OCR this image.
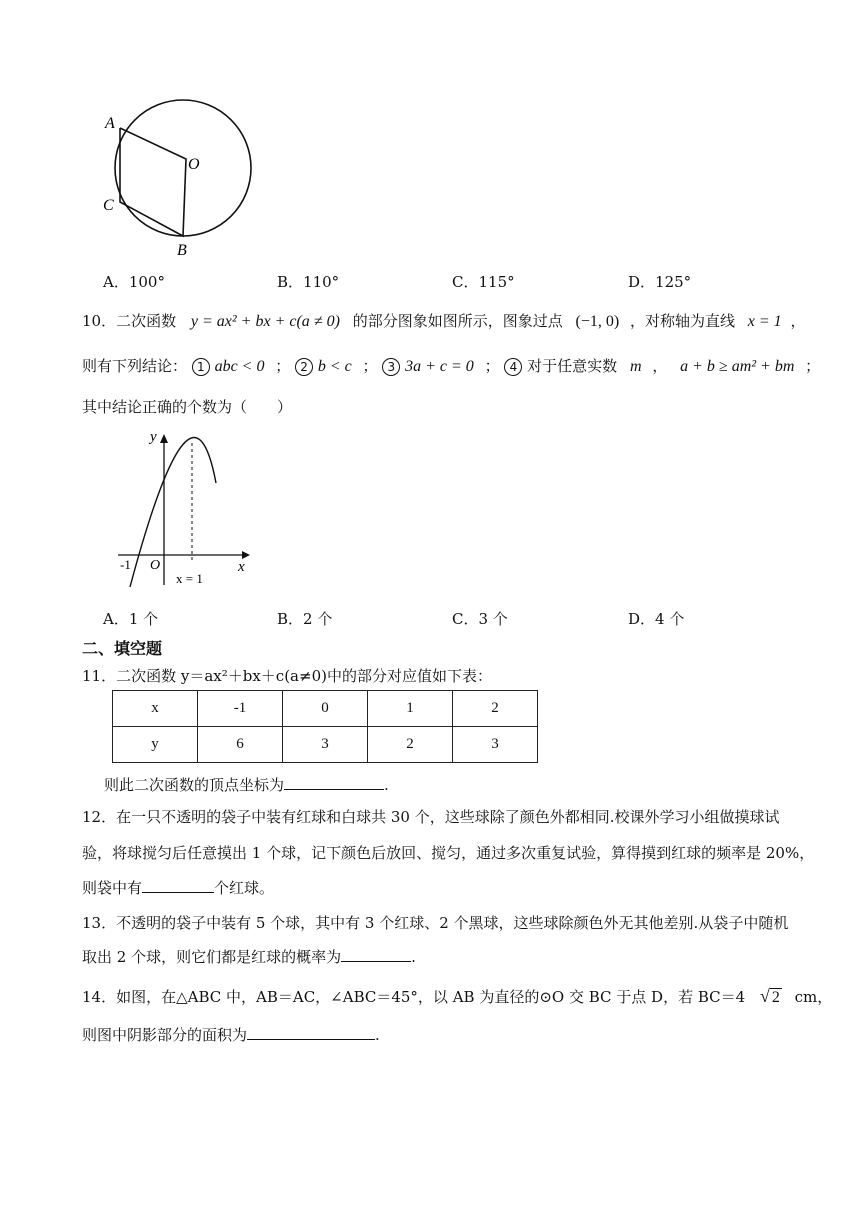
A
O
C
B
A．100°	B．110°	C．115°	D．125°
10．二次函数 y = ax² + bx + c(a ≠ 0) 的部分图象如图所示，图象过点 (−1, 0) ，对称轴为直线 x = 1 ，
则有下列结论： 1 abc < 0 ； 2 b < c ； 3 3a + c = 0 ； 4 对于任意实数 m ， a + b ≥ am² + bm ；
其中结论正确的个数为（　　）
y
x
-1 O
x = 1
A．1 个	B．2 个	C．3 个	D．4 个
二、填空题
11．二次函数 y＝ax²＋bx＋c(a≠0)中的部分对应值如下表：
x	-1	0	1	2
y	6	3	2	3
则此二次函数的顶点坐标为	.
12．在一只不透明的袋子中装有红球和白球共 30 个，这些球除了颜色外都相同.校课外学习小组做摸球试
验，将球搅匀后任意摸出 1 个球，记下颜色后放回、搅匀，通过多次重复试验，算得摸到红球的频率是 20%，
则袋中有	个红球。
13．不透明的袋子中装有 5 个球，其中有 3 个红球、2 个黑球，这些球除颜色外无其他差别.从袋子中随机
取出 2 个球，则它们都是红球的概率为	.
14．如图，在△ABC 中，AB＝AC，∠ABC＝45°，以 AB 为直径的⊙O 交 BC 于点 D，若 BC＝4 √ 2 cm，
则图中阴影部分的面积为	.
